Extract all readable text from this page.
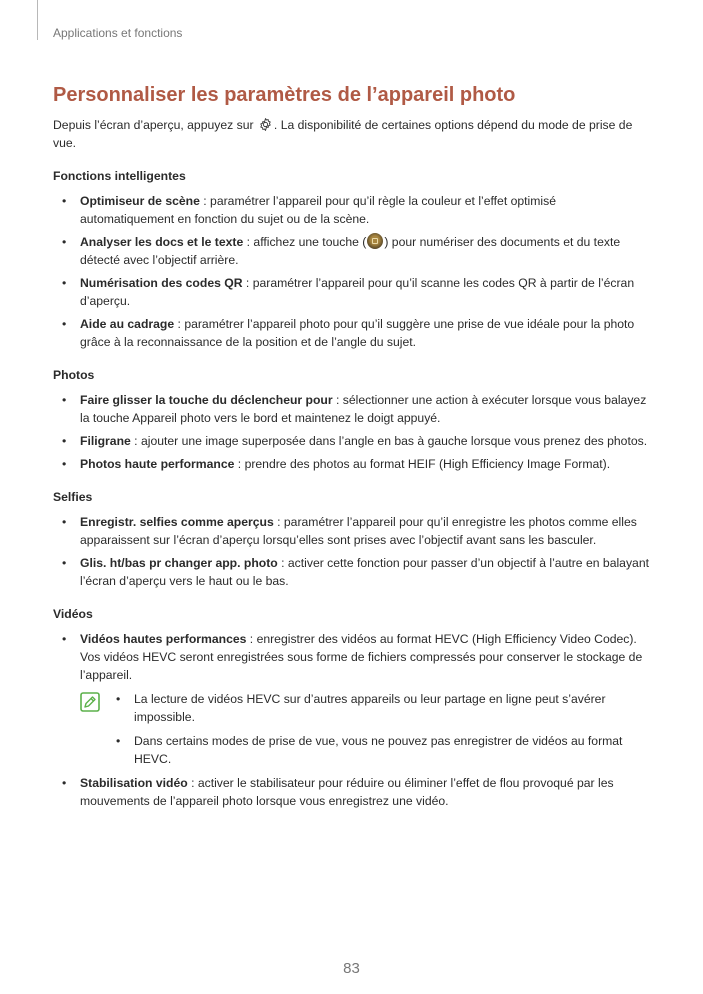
Applications et fonctions
Personnaliser les paramètres de l’appareil photo

Depuis l’écran d’aperçu, appuyez sur . La disponibilité de certaines options dépend du mode de prise de vue.

Fonctions intelligentes
• Optimiseur de scène : paramétrer l’appareil pour qu’il règle la couleur et l’effet optimisé automatiquement en fonction du sujet ou de la scène.
• Analyser les docs et le texte : affichez une touche ( ) pour numériser des documents et du texte détecté avec l’objectif arrière.
• Numérisation des codes QR : paramétrer l’appareil pour qu’il scanne les codes QR à partir de l’écran d’aperçu.
• Aide au cadrage : paramétrer l’appareil photo pour qu’il suggère une prise de vue idéale pour la photo grâce à la reconnaissance de la position et de l’angle du sujet.
Photos
• Faire glisser la touche du déclencheur pour : sélectionner une action à exécuter lorsque vous balayez la touche Appareil photo vers le bord et maintenez le doigt appuyé.
• Filigrane : ajouter une image superposée dans l’angle en bas à gauche lorsque vous prenez des photos.
• Photos haute performance : prendre des photos au format HEIF (High Efficiency Image Format).
Selfies
• Enregistr. selfies comme aperçus : paramétrer l’appareil pour qu’il enregistre les photos comme elles apparaissent sur l’écran d’aperçu lorsqu’elles sont prises avec l’objectif avant sans les basculer.
• Glis. ht/bas pr changer app. photo : activer cette fonction pour passer d’un objectif à l’autre en balayant l’écran d’aperçu vers le haut ou le bas.
Vidéos
• Vidéos hautes performances : enregistrer des vidéos au format HEVC (High Efficiency Video Codec). Vos vidéos HEVC seront enregistrées sous forme de fichiers compressés pour conserver le stockage de l’appareil.
• La lecture de vidéos HEVC sur d’autres appareils ou leur partage en ligne peut s’avérer impossible.
• Dans certains modes de prise de vue, vous ne pouvez pas enregistrer de vidéos au format HEVC.
• Stabilisation vidéo : activer le stabilisateur pour réduire ou éliminer l’effet de flou provoqué par les mouvements de l’appareil photo lorsque vous enregistrez une vidéo.
83
